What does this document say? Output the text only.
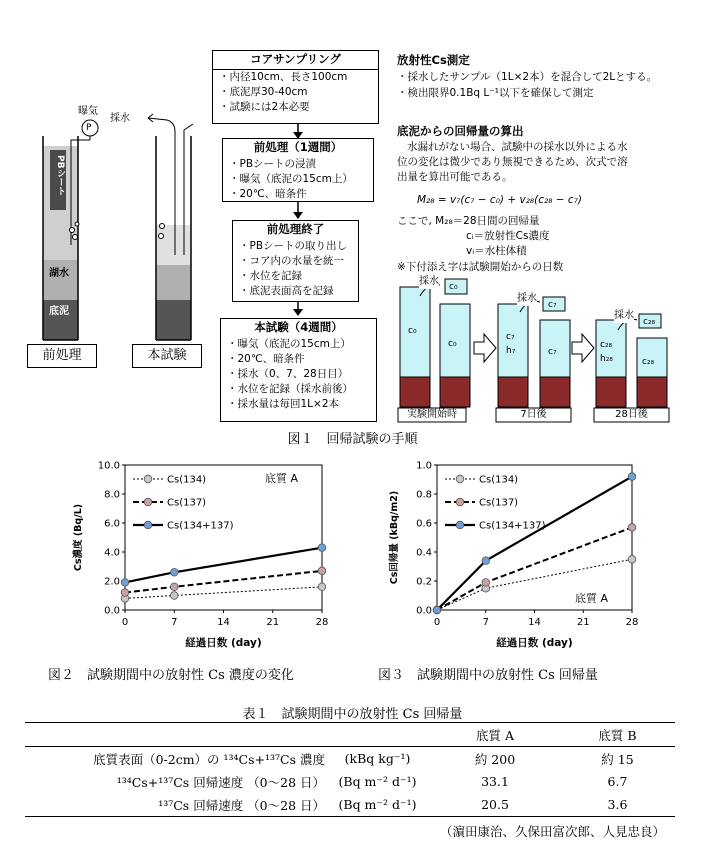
曝気
P
採水
PBシート
湖水
底泥
前処理	本試験
コアサンプリング
・内径10cm、長さ100cm
・底泥厚30-40cm
・試験には2本必要
前処理（1週間）
・PBシートの浸漬
・曝気（底泥の15cm上）
・20℃、暗条件
前処理終了
・PBシートの取り出し
・コア内の水量を統一
・水位を記録
・底泥表面高を記録
本試験（4週間）
・曝気（底泥の15cm上）
・20℃、暗条件
・採水（0、7、28日目）
・水位を記録（採水前後）
・採水量は毎回1L×2本
放射性Cs測定
・採水したサンプル（1L×2本）を混合して2Lとする。
・検出限界0.1Bq L⁻¹以下を確保して測定
底泥からの回帰量の算出
水漏れがない場合、試験中の採水以外による水
位の変化は微少であり無視できるため、次式で溶
出量を算出可能である。
M₂₈ = v₇(c₇ − c₀) + v₂₈(c₂₈ − c₇)
ここで, M₂₈＝28日間の回帰量
cᵢ＝放射性Cs濃度
vᵢ＝水柱体積
※下付添え字は試験開始からの日数
採水
採水
採水
c₀
c₀
c₀
c₇
c₇
h₇	c₇
c₂₈
c₂₈
h₂₈	c₂₈
実験開始時	7日後	28日後
図１　回帰試験の手順
0.0
2.0
4.0
6.0
8.0
10.0
0	7	14	21	28
経過日数 (day)
Cs濃度 (Bq/L)
Cs(134)
Cs(137)
Cs(134+137)
底質 A
0.0
0.2
0.4
0.6
0.8
1.0
0	7	14	21	28
経過日数 (day)
Cs回帰量 (kBq/m2)
Cs(134)
Cs(137)
Cs(134+137)
底質 A
図２　試験期間中の放射性 Cs 濃度の変化	図３　試験期間中の放射性 Cs 回帰量
表１　試験期間中の放射性 Cs 回帰量
		底質 A	底質 B
底質表面（0-2cm）の ¹³⁴Cs+¹³⁷Cs 濃度	(kBq kg⁻¹)	約 200	約 15
¹³⁴Cs+¹³⁷Cs 回帰速度 （0～28 日）	(Bq m⁻² d⁻¹)	33.1	6.7
¹³⁷Cs 回帰速度 （0～28 日）	(Bq m⁻² d⁻¹)	20.5	3.6
（濵田康治、久保田富次郎、人見忠良）
